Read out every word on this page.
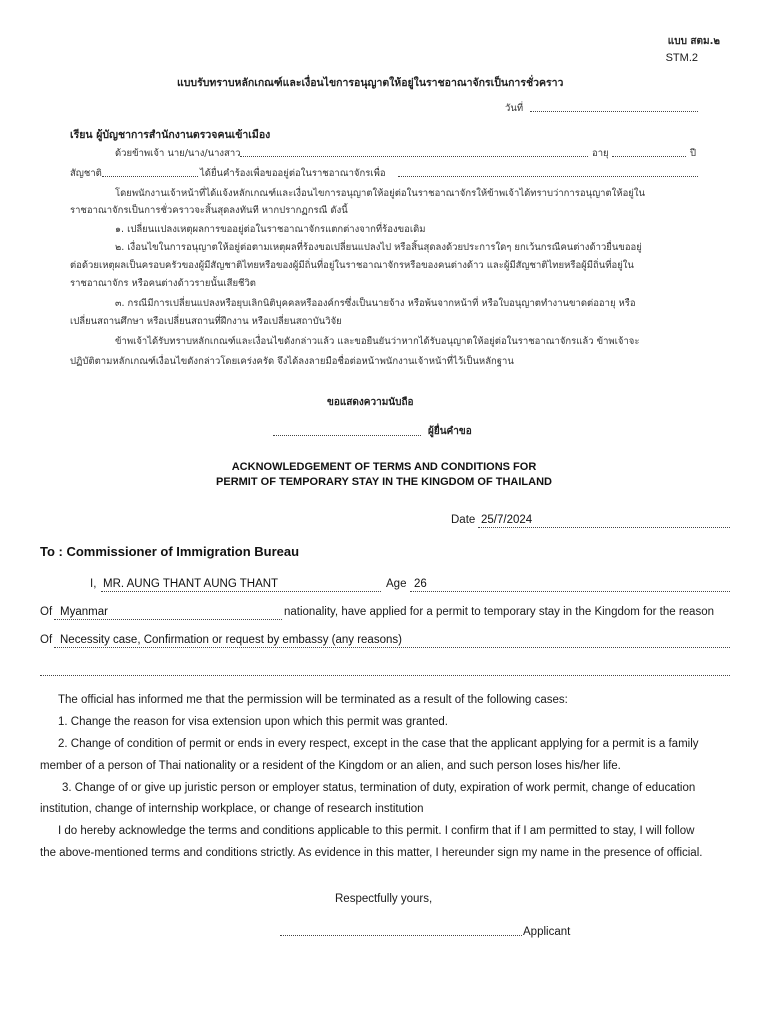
แบบ สตม.๒
STM.2
แบบรับทราบหลักเกณฑ์และเงื่อนไขการอนุญาตให้อยู่ในราชอาณาจักรเป็นการชั่วคราว
วันที่
เรียน ผู้บัญชาการสำนักงานตรวจคนเข้าเมือง
ด้วยข้าพเจ้า นาย/นาง/นางสาว	อายุ	ปี
สัญชาติ	ได้ยื่นคำร้องเพื่อขออยู่ต่อในราชอาณาจักรเพื่อ
โดยพนักงานเจ้าหน้าที่ได้แจ้งหลักเกณฑ์และเงื่อนไขการอนุญาตให้อยู่ต่อในราชอาณาจักรให้ข้าพเจ้าได้ทราบว่าการอนุญาตให้อยู่ใน
ราชอาณาจักรเป็นการชั่วคราวจะสิ้นสุดลงทันที หากปรากฏกรณี ดังนี้
๑. เปลี่ยนแปลงเหตุผลการขออยู่ต่อในราชอาณาจักรแตกต่างจากที่ร้องขอเดิม
๒. เงื่อนไขในการอนุญาตให้อยู่ต่อตามเหตุผลที่ร้องขอเปลี่ยนแปลงไป หรือสิ้นสุดลงด้วยประการใดๆ ยกเว้นกรณีคนต่างด้าวยื่นขออยู่
ต่อด้วยเหตุผลเป็นครอบครัวของผู้มีสัญชาติไทยหรือของผู้มีถิ่นที่อยู่ในราชอาณาจักรหรือของคนต่างด้าว และผู้มีสัญชาติไทยหรือผู้มีถิ่นที่อยู่ใน
ราชอาณาจักร หรือคนต่างด้าวรายนั้นเสียชีวิต
๓. กรณีมีการเปลี่ยนแปลงหรือยุบเลิกนิติบุคคลหรือองค์กรซึ่งเป็นนายจ้าง หรือพ้นจากหน้าที่ หรือใบอนุญาตทำงานขาดต่ออายุ หรือ
เปลี่ยนสถานศึกษา หรือเปลี่ยนสถานที่ฝึกงาน หรือเปลี่ยนสถาบันวิจัย
ข้าพเจ้าได้รับทราบหลักเกณฑ์และเงื่อนไขดังกล่าวแล้ว และขอยืนยันว่าหากได้รับอนุญาตให้อยู่ต่อในราชอาณาจักรแล้ว ข้าพเจ้าจะ
ปฏิบัติตามหลักเกณฑ์เงื่อนไขดังกล่าวโดยเคร่งครัด จึงได้ลงลายมือชื่อต่อหน้าพนักงานเจ้าหน้าที่ไว้เป็นหลักฐาน
ขอแสดงความนับถือ
ผู้ยื่นคำขอ
ACKNOWLEDGEMENT OF TERMS AND CONDITIONS FOR
PERMIT OF TEMPORARY STAY IN THE KINGDOM OF THAILAND
Date 25/7/2024
To : Commissioner of Immigration Bureau
I, MR. AUNG THANT AUNG THANT	Age 26
Of Myanmar	nationality, have applied for a permit to temporary stay in the Kingdom for the reason
Of Necessity case, Confirmation or request by embassy (any reasons)
The official has informed me that the permission will be terminated as a result of the following cases:
1. Change the reason for visa extension upon which this permit was granted.
2. Change of condition of permit or ends in every respect, except in the case that the applicant applying for a permit is a family
member of a person of Thai nationality or a resident of the Kingdom or an alien, and such person loses his/her life.
3. Change of or give up juristic person or employer status, termination of duty, expiration of work permit, change of education
institution, change of internship workplace, or change of research institution
I do hereby acknowledge the terms and conditions applicable to this permit. I confirm that if I am permitted to stay, I will follow
the above-mentioned terms and conditions strictly. As evidence in this matter, I hereunder sign my name in the presence of official.
Respectfully yours,
Applicant
